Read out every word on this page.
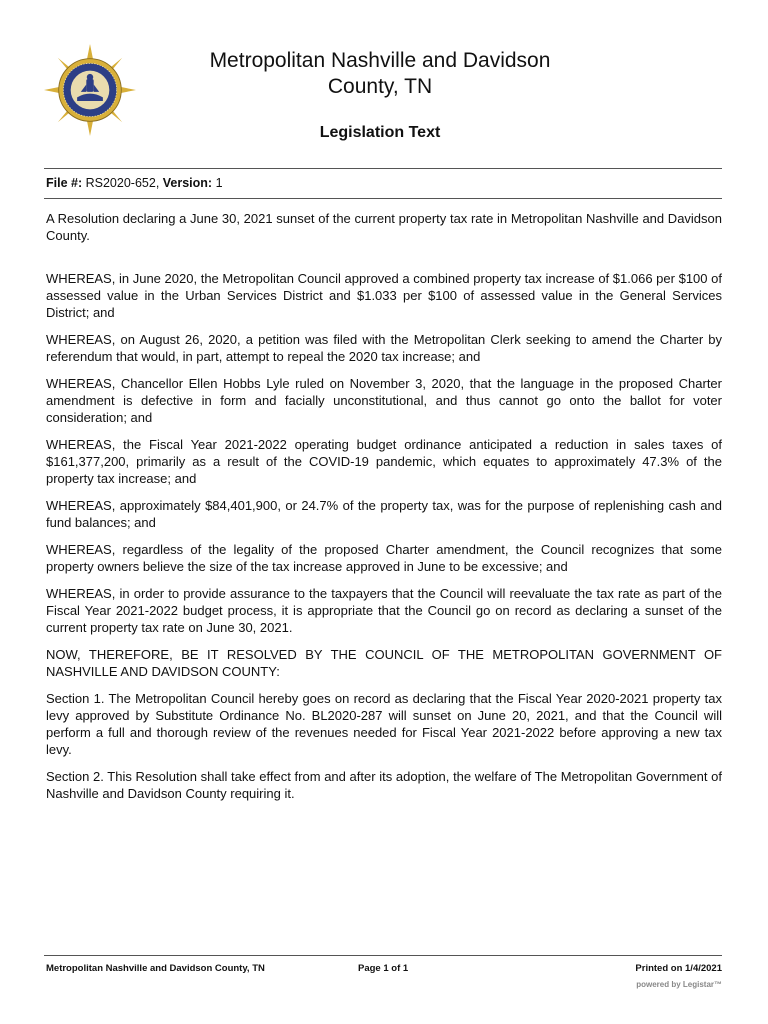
Metropolitan Nashville and Davidson
County, TN
Legislation Text
File #: RS2020-652, Version: 1

A Resolution declaring a June 30, 2021 sunset of the current property tax rate in Metropolitan Nashville and Davidson County.

WHEREAS, in June 2020, the Metropolitan Council approved a combined property tax increase of $1.066 per $100 of assessed value in the Urban Services District and $1.033 per $100 of assessed value in the General Services District; and

WHEREAS, on August 26, 2020, a petition was filed with the Metropolitan Clerk seeking to amend the Charter by referendum that would, in part, attempt to repeal the 2020 tax increase; and

WHEREAS, Chancellor Ellen Hobbs Lyle ruled on November 3, 2020, that the language in the proposed Charter amendment is defective in form and facially unconstitutional, and thus cannot go onto the ballot for voter consideration; and

WHEREAS, the Fiscal Year 2021-2022 operating budget ordinance anticipated a reduction in sales taxes of $161,377,200, primarily as a result of the COVID-19 pandemic, which equates to approximately 47.3% of the property tax increase; and

WHEREAS, approximately $84,401,900, or 24.7% of the property tax, was for the purpose of replenishing cash and fund balances; and

WHEREAS, regardless of the legality of the proposed Charter amendment, the Council recognizes that some property owners believe the size of the tax increase approved in June to be excessive; and

WHEREAS, in order to provide assurance to the taxpayers that the Council will reevaluate the tax rate as part of the Fiscal Year 2021-2022 budget process, it is appropriate that the Council go on record as declaring a sunset of the current property tax rate on June 30, 2021.

NOW, THEREFORE, BE IT RESOLVED BY THE COUNCIL OF THE METROPOLITAN GOVERNMENT OF NASHVILLE AND DAVIDSON COUNTY:

Section 1. The Metropolitan Council hereby goes on record as declaring that the Fiscal Year 2020-2021 property tax levy approved by Substitute Ordinance No. BL2020-287 will sunset on June 20, 2021, and that the Council will perform a full and thorough review of the revenues needed for Fiscal Year 2021-2022 before approving a new tax levy.

Section 2. This Resolution shall take effect from and after its adoption, the welfare of The Metropolitan Government of Nashville and Davidson County requiring it.

Metropolitan Nashville and Davidson County, TN	Page 1 of 1	Printed on 1/4/2021
powered by Legistar™
